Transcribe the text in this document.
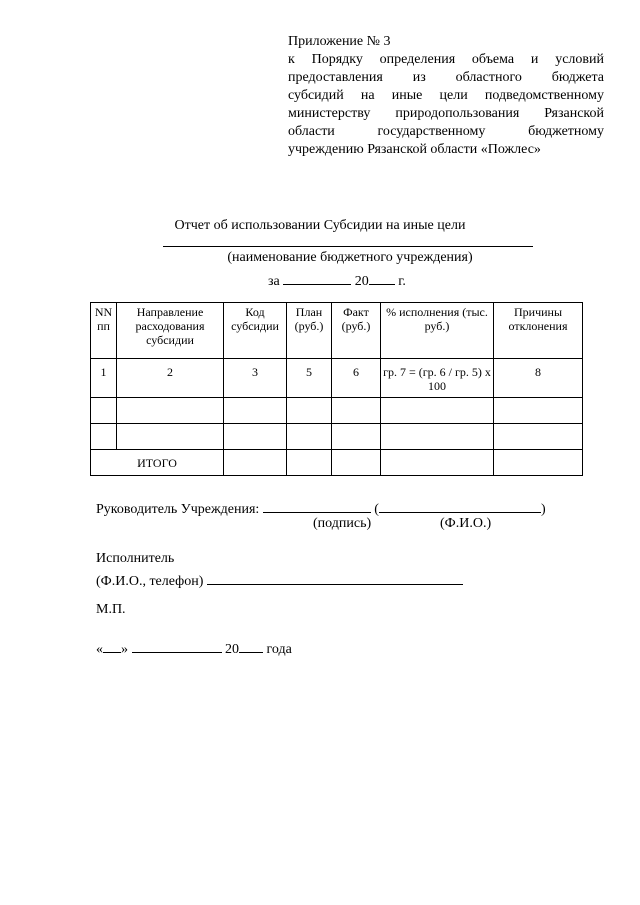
Приложение № 3
к Порядку определения объема и условий
предоставления из областного бюджета
субсидий на иные цели подведомственному
министерству природопользования Рязанской
области государственному бюджетному
учреждению Рязанской области «Пожлес»
Отчет об использовании Субсидии на иные цели
(наименование бюджетного учреждения)
за	20 г.
NN пп	Направление расходования субсидии	Код субсидии	План (руб.)	Факт (руб.)	% исполнения (тыс. руб.)	Причины отклонения
1	2	3	5	6	гр. 7 = (гр. 6 / гр. 5) x 100	8

ИТОГО						
Руководитель Учреждения:	(	)
(подпись)	(Ф.И.О.)
Исполнитель
(Ф.И.О., телефон)
М.П.
« »	20 года
